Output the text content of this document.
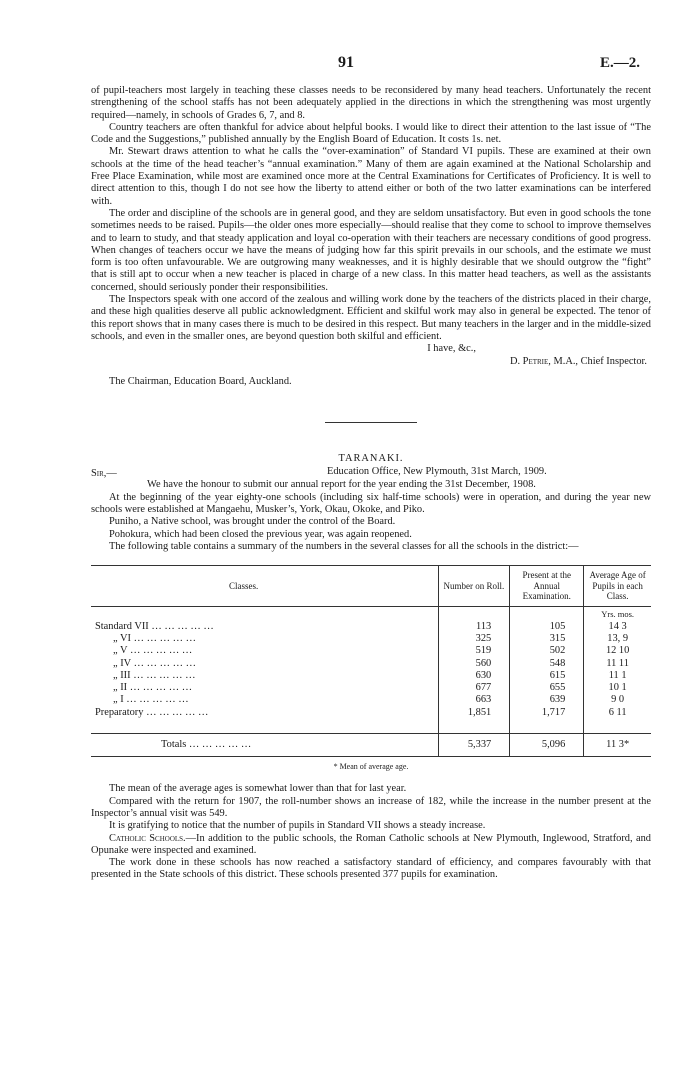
91	E.—2.

of pupil-teachers most largely in teaching these classes needs to be reconsidered by many head teachers. Unfortunately the recent strengthening of the school staffs has not been adequately applied in the directions in which the strengthening was most urgently required—namely, in schools of Grades 6, 7, and 8.

Country teachers are often thankful for advice about helpful books. I would like to direct their attention to the last issue of “The Code and the Suggestions,” published annually by the English Board of Education. It costs 1s. net.

Mr. Stewart draws attention to what he calls the “over-examination” of Standard VI pupils. These are examined at their own schools at the time of the head teacher’s “annual examination.” Many of them are again examined at the National Scholarship and Free Place Examination, while most are examined once more at the Central Examinations for Certificates of Proficiency. It is well to direct attention to this, though I do not see how the liberty to attend either or both of the two latter examinations can be interfered with.

The order and discipline of the schools are in general good, and they are seldom unsatisfactory. But even in good schools the tone sometimes needs to be raised. Pupils—the older ones more especially—should realise that they come to school to improve themselves and to learn to study, and that steady application and loyal co-operation with their teachers are necessary conditions of good progress. When changes of teachers occur we have the means of judging how far this spirit prevails in our schools, and the estimate we must form is too often unfavourable. We are outgrowing many weaknesses, and it is highly desirable that we should outgrow the “fight” that is still apt to occur when a new teacher is placed in charge of a new class. In this matter head teachers, as well as the assistants concerned, should seriously ponder their responsibilities.

The Inspectors speak with one accord of the zealous and willing work done by the teachers of the districts placed in their charge, and these high qualities deserve all public acknowledgment. Efficient and skilful work may also in general be expected. The tenor of this report shows that in many cases there is much to be desired in this respect. But many teachers in the larger and in the middle-sized schools, and even in the smaller ones, are beyond question both skilful and efficient.

I have, &c.,

D. Petrie, M.A., Chief Inspector.

The Chairman, Education Board, Auckland.

TARANAKI.

Sir,—	Education Office, New Plymouth, 31st March, 1909.

We have the honour to submit our annual report for the year ending the 31st December, 1908.

At the beginning of the year eighty-one schools (including six half-time schools) were in operation, and during the year new schools were established at Mangaehu, Musker’s, York, Okau, Okoke, and Piko.

Puniho, a Native school, was brought under the control of the Board.

Pohokura, which had been closed the previous year, was again reopened.

The following table contains a summary of the numbers in the several classes for all the schools in the district:—

Classes.	Number on Roll.	Present at the Annual Examination.	Average Age of Pupils in each Class.
			Yrs. mos.
Standard VII … … … … …	113	105	14 3
„ VI … … … … …	325	315	13, 9
„ V … … … … …	519	502	12 10
„ IV … … … … …	560	548	11 11
„ III … … … … …	630	615	11 1
„ II … … … … …	677	655	10 1
„ I … … … … …	663	639	9 0
Preparatory … … … … …	1,851	1,717	6 11

Totals … … … … …	5,337	5,096	11 3*

* Mean of average age.

The mean of the average ages is somewhat lower than that for last year.

Compared with the return for 1907, the roll-number shows an increase of 182, while the increase in the number present at the Inspector’s annual visit was 549.

It is gratifying to notice that the number of pupils in Standard VII shows a steady increase.

Catholic Schools.—In addition to the public schools, the Roman Catholic schools at New Plymouth, Inglewood, Stratford, and Opunake were inspected and examined.

The work done in these schools has now reached a satisfactory standard of efficiency, and compares favourably with that presented in the State schools of this district. These schools presented 377 pupils for examination.
